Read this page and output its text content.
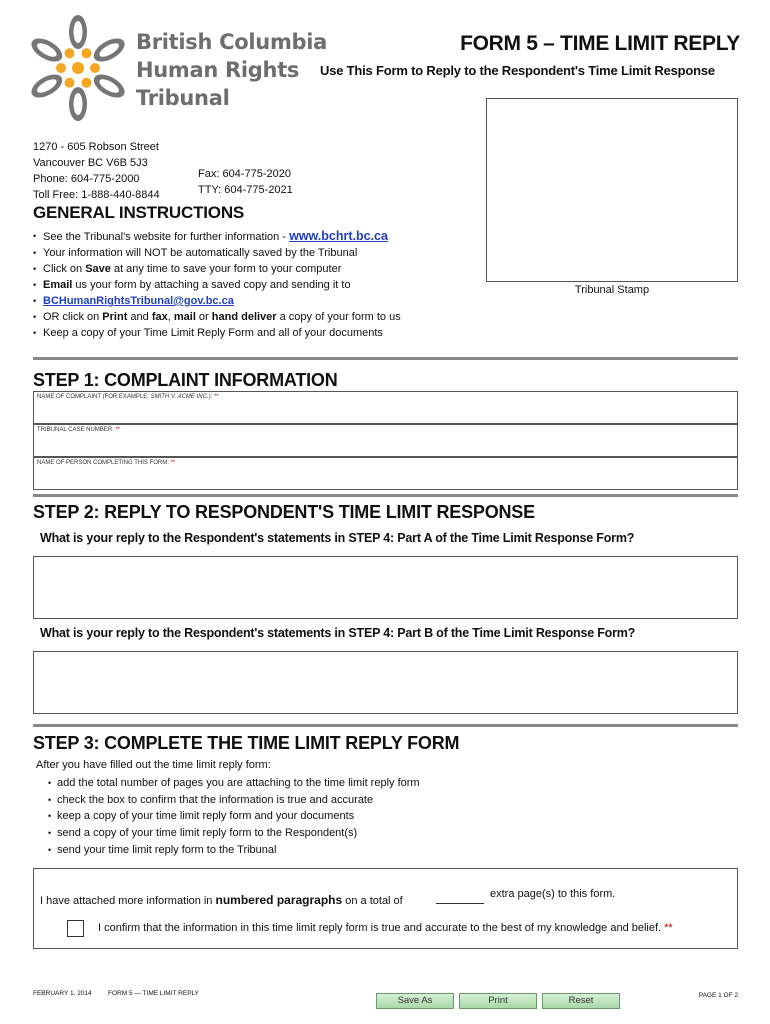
British Columbia
Human Rights
Tribunal
1270 - 605 Robson Street
Vancouver BC V6B 5J3
Phone: 604-775-2000
Toll Free: 1-888-440-8844
Fax: 604-775-2020
TTY: 604-775-2021
FORM 5 – TIME LIMIT REPLY
Use This Form to Reply to the Respondent's Time Limit Response
Tribunal Stamp
GENERAL INSTRUCTIONS
• See the Tribunal's website for further information - www.bchrt.bc.ca
• Your information will NOT be automatically saved by the Tribunal
• Click on Save at any time to save your form to your computer
• Email us your form by attaching a saved copy and sending it to
• BCHumanRightsTribunal@gov.bc.ca
• OR click on Print and fax, mail or hand deliver a copy of your form to us
• Keep a copy of your Time Limit Reply Form and all of your documents
STEP 1: COMPLAINT INFORMATION
NAME OF COMPLAINT (FOR EXAMPLE, SMITH V. ACME INC.): **
TRIBUNAL CASE NUMBER: **
NAME OF PERSON COMPLETING THIS FORM: **
STEP 2: REPLY TO RESPONDENT'S TIME LIMIT RESPONSE
What is your reply to the Respondent's statements in STEP 4: Part A of the Time Limit Response Form?
What is your reply to the Respondent's statements in STEP 4: Part B of the Time Limit Response Form?
STEP 3: COMPLETE THE TIME LIMIT REPLY FORM
After you have filled out the time limit reply form:
• add the total number of pages you are attaching to the time limit reply form
• check the box to confirm that the information is true and accurate
• keep a copy of your time limit reply form and your documents
• send a copy of your time limit reply form to the Respondent(s)
• send your time limit reply form to the Tribunal
I have attached more information in numbered paragraphs on a total of
extra page(s) to this form.
I confirm that the information in this time limit reply form is true and accurate to the best of my knowledge and belief. **
FEBRUARY 1, 2014	FORM 5 — TIME LIMIT REPLY
Save As	Print	Reset	PAGE 1 OF 2
